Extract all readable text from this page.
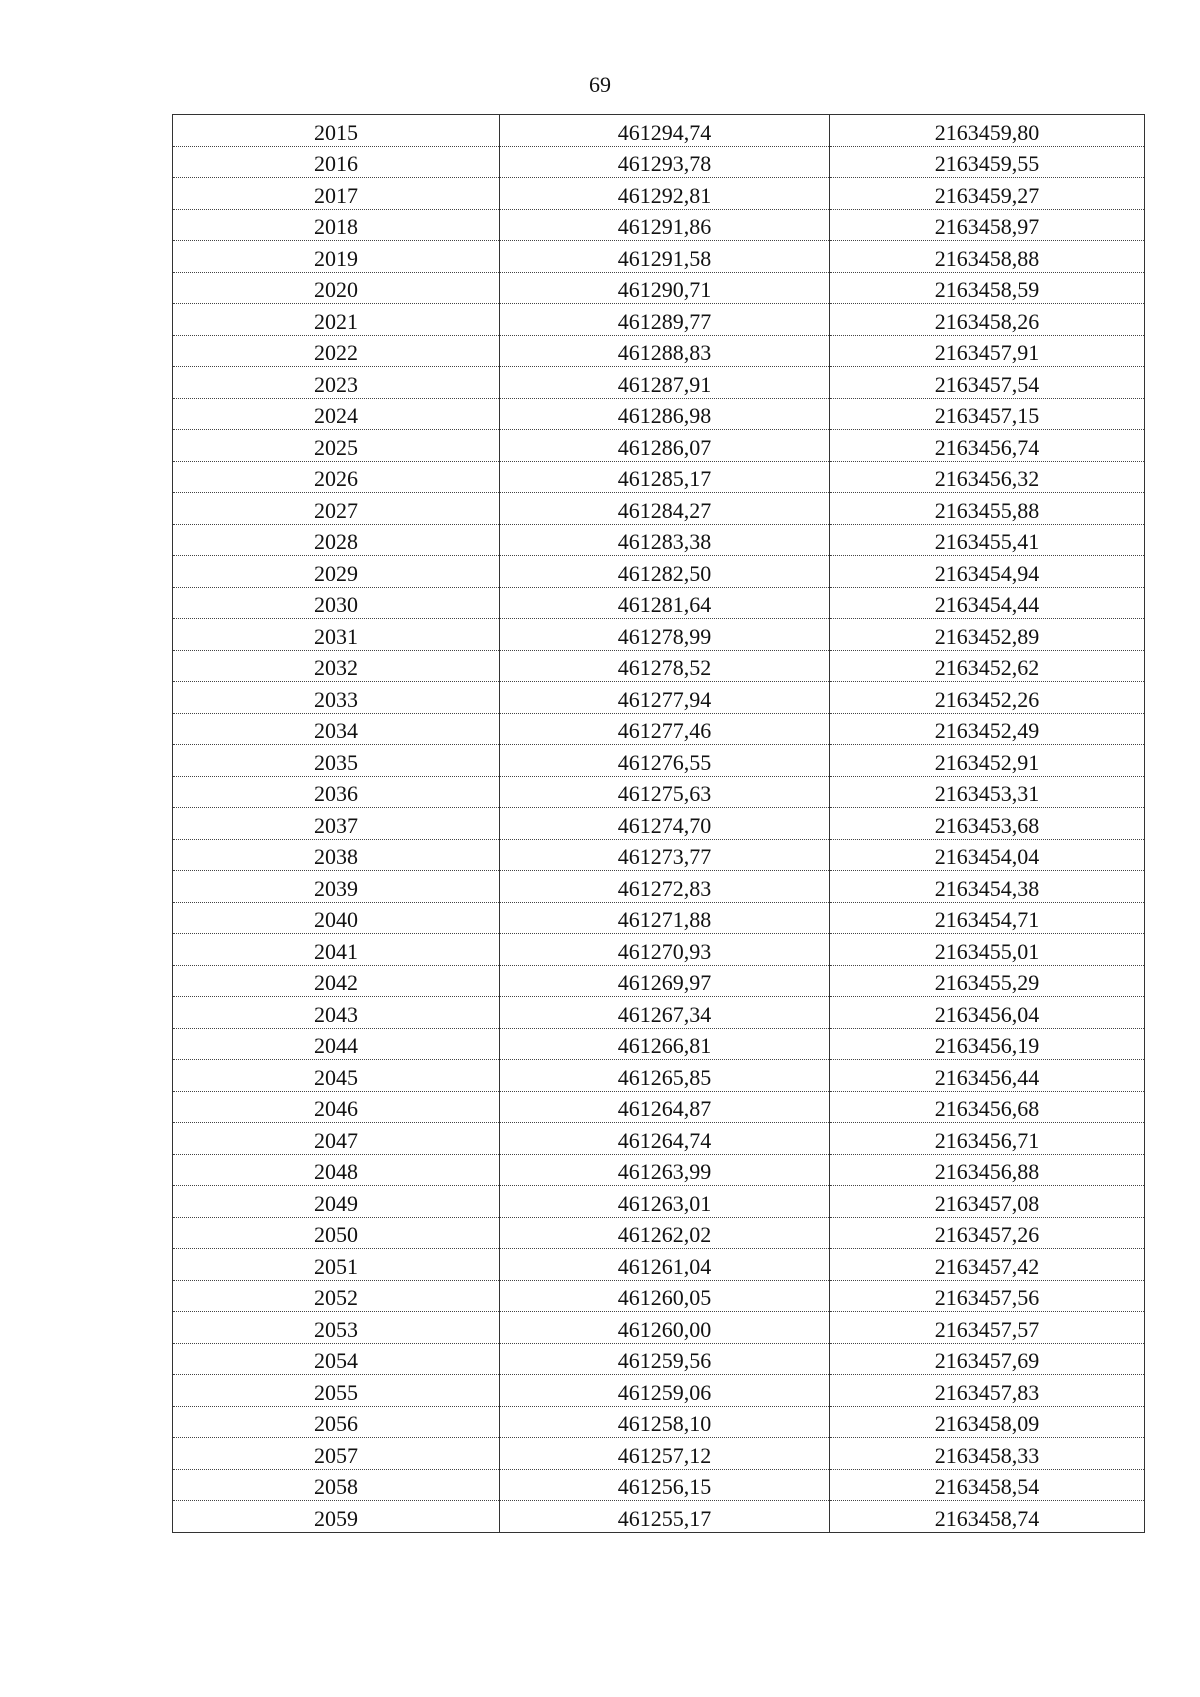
69
2015	461294,74	2163459,80
2016	461293,78	2163459,55
2017	461292,81	2163459,27
2018	461291,86	2163458,97
2019	461291,58	2163458,88
2020	461290,71	2163458,59
2021	461289,77	2163458,26
2022	461288,83	2163457,91
2023	461287,91	2163457,54
2024	461286,98	2163457,15
2025	461286,07	2163456,74
2026	461285,17	2163456,32
2027	461284,27	2163455,88
2028	461283,38	2163455,41
2029	461282,50	2163454,94
2030	461281,64	2163454,44
2031	461278,99	2163452,89
2032	461278,52	2163452,62
2033	461277,94	2163452,26
2034	461277,46	2163452,49
2035	461276,55	2163452,91
2036	461275,63	2163453,31
2037	461274,70	2163453,68
2038	461273,77	2163454,04
2039	461272,83	2163454,38
2040	461271,88	2163454,71
2041	461270,93	2163455,01
2042	461269,97	2163455,29
2043	461267,34	2163456,04
2044	461266,81	2163456,19
2045	461265,85	2163456,44
2046	461264,87	2163456,68
2047	461264,74	2163456,71
2048	461263,99	2163456,88
2049	461263,01	2163457,08
2050	461262,02	2163457,26
2051	461261,04	2163457,42
2052	461260,05	2163457,56
2053	461260,00	2163457,57
2054	461259,56	2163457,69
2055	461259,06	2163457,83
2056	461258,10	2163458,09
2057	461257,12	2163458,33
2058	461256,15	2163458,54
2059	461255,17	2163458,74
